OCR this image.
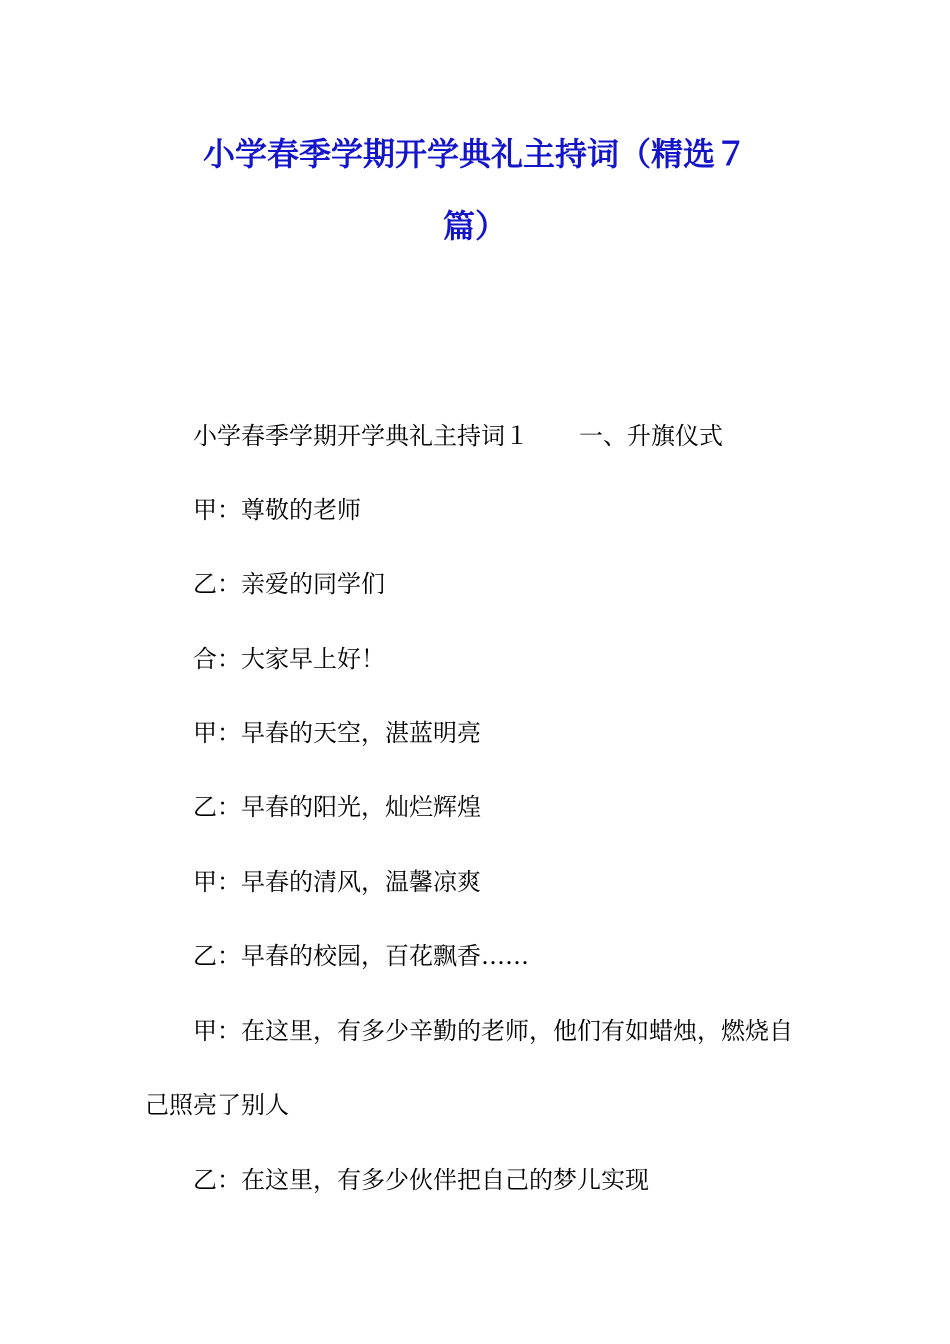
小学春季学期开学典礼主持词（精选７
篇）
小学春季学期开学典礼主持词１ 一、升旗仪式
甲：尊敬的老师
乙：亲爱的同学们
合：大家早上好！
甲：早春的天空，湛蓝明亮
乙：早春的阳光，灿烂辉煌
甲：早春的清风，温馨凉爽
乙：早春的校园，百花飘香……
甲：在这里，有多少辛勤的老师，他们有如蜡烛，燃烧自
己照亮了别人
乙：在这里，有多少伙伴把自己的梦儿实现
